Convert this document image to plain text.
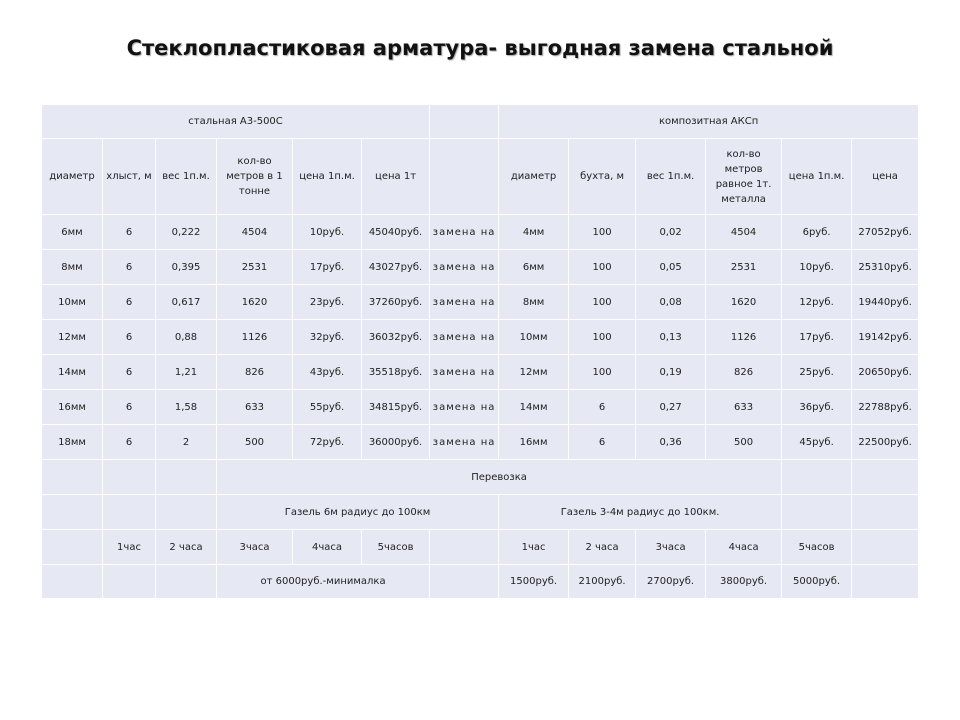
Стеклопластиковая арматура- выгодная замена стальной
стальная А3-500С							композитная АКСп					
диаметр	хлыст, м	вес 1п.м.	кол-во метров в 1 тонне	цена 1п.м.	цена 1т		диаметр	бухта, м	вес 1п.м.	кол-во метров равное 1т. металла	цена 1п.м.	цена
6мм	6	0,222	4504	10руб.	45040руб.	замена на	4мм	100	0,02	4504	6руб.	27052руб.
8мм	6	0,395	2531	17руб.	43027руб.	замена на	6мм	100	0,05	2531	10руб.	25310руб.
10мм	6	0,617	1620	23руб.	37260руб.	замена на	8мм	100	0,08	1620	12руб.	19440руб.
12мм	6	0,88	1126	32руб.	36032руб.	замена на	10мм	100	0,13	1126	17руб.	19142руб.
14мм	6	1,21	826	43руб.	35518руб.	замена на	12мм	100	0,19	826	25руб.	20650руб.
16мм	6	1,58	633	55руб.	34815руб.	замена на	14мм	6	0,27	633	36руб.	22788руб.
18мм	6	2	500	72руб.	36000руб.	замена на	16мм	6	0,36	500	45руб.	22500руб.
			Перевозка									
			Газель 6м радиус до 100км				Газель 3-4м радиус до 100км.					
	1час	2 часа	3часа	4часа	5часов		1час	2 часа	3часа	4часа	5часов	
			от 6000руб.-минималка				1500руб.	2100руб.	2700руб.	3800руб.	5000руб.	
